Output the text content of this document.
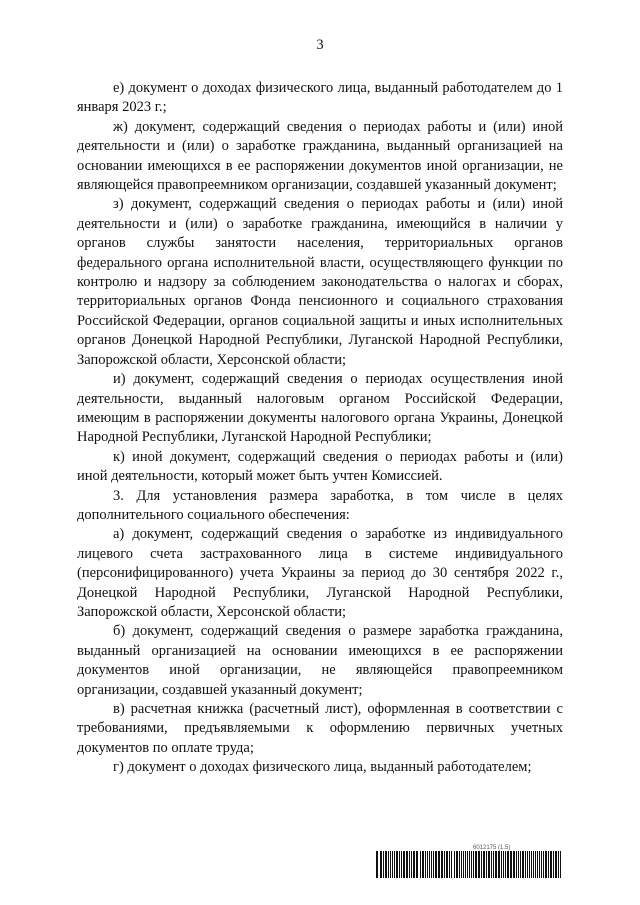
3

е) документ о доходах физического лица, выданный работодателем до 1 января 2023 г.;

ж) документ, содержащий сведения о периодах работы и (или) иной деятельности и (или) о заработке гражданина, выданный организацией на основании имеющихся в ее распоряжении документов иной организации, не являющейся правопреемником организации, создавшей указанный документ;

з) документ, содержащий сведения о периодах работы и (или) иной деятельности и (или) о заработке гражданина, имеющийся в наличии у органов службы занятости населения, территориальных органов федерального органа исполнительной власти, осуществляющего функции по контролю и надзору за соблюдением законодательства о налогах и сборах, территориальных органов Фонда пенсионного и социального страхования Российской Федерации, органов социальной защиты и иных исполнительных органов Донецкой Народной Республики, Луганской Народной Республики, Запорожской области, Херсонской области;

и) документ, содержащий сведения о периодах осуществления иной деятельности, выданный налоговым органом Российской Федерации, имеющим в распоряжении документы налогового органа Украины, Донецкой Народной Республики, Луганской Народной Республики;

к) иной документ, содержащий сведения о периодах работы и (или) иной деятельности, который может быть учтен Комиссией.

3. Для установления размера заработка, в том числе в целях дополнительного социального обеспечения:

а) документ, содержащий сведения о заработке из индивидуального лицевого счета застрахованного лица в системе индивидуального (персонифицированного) учета Украины за период до 30 сентября 2022 г., Донецкой Народной Республики, Луганской Народной Республики, Запорожской области, Херсонской области;

б) документ, содержащий сведения о размере заработка гражданина, выданный организацией на основании имеющихся в ее распоряжении документов иной организации, не являющейся правопреемником организации, создавшей указанный документ;

в) расчетная книжка (расчетный лист), оформленная в соответствии с требованиями, предъявляемыми к оформлению первичных учетных документов по оплате труда;

г) документ о доходах физического лица, выданный работодателем;

6012175 (1.5)
